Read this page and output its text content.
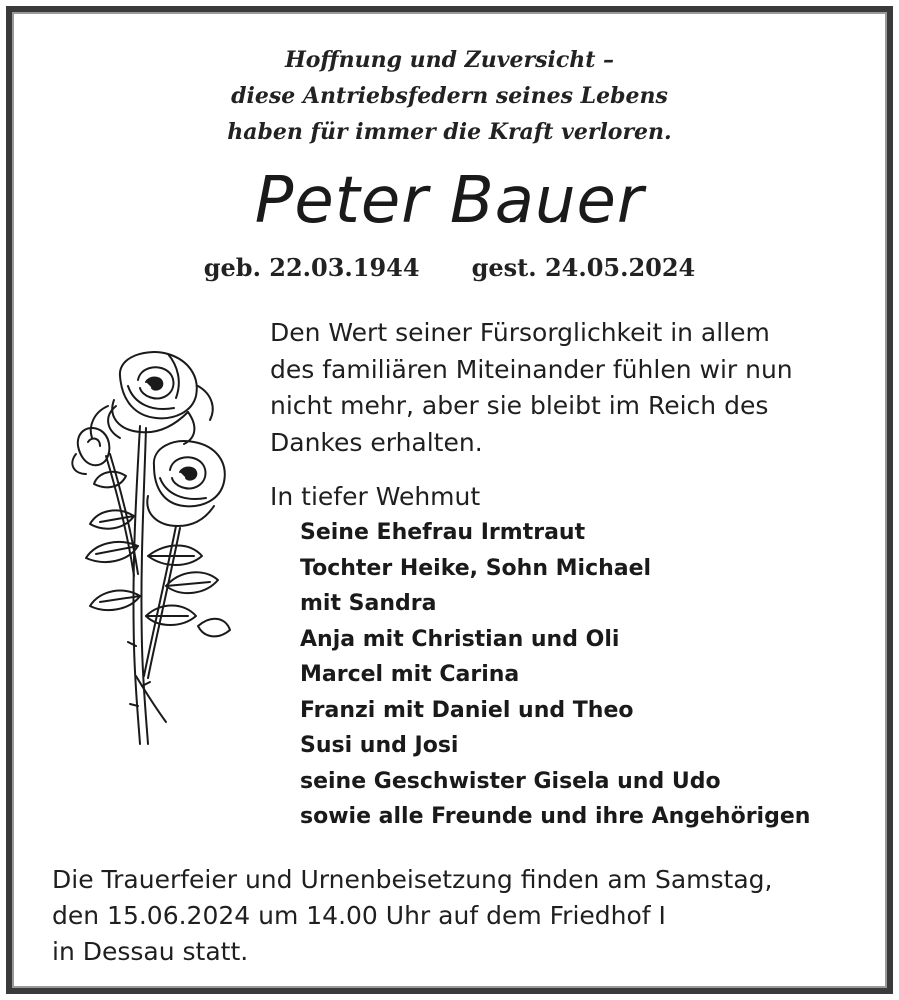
Hoffnung und Zuversicht –
diese Antriebsfedern seines Lebens
haben für immer die Kraft verloren.
Peter Bauer
geb. 22.03.1944 gest. 24.05.2024
Den Wert seiner Fürsorglichkeit in allem
des familiären Miteinander fühlen wir nun
nicht mehr, aber sie bleibt im Reich des
Dankes erhalten.
In tiefer Wehmut
Seine Ehefrau Irmtraut
Tochter Heike, Sohn Michael
mit Sandra
Anja mit Christian und Oli
Marcel mit Carina
Franzi mit Daniel und Theo
Susi und Josi
seine Geschwister Gisela und Udo
sowie alle Freunde und ihre Angehörigen
Die Trauerfeier und Urnenbeisetzung finden am Samstag,
den 15.06.2024 um 14.00 Uhr auf dem Friedhof I
in Dessau statt.
